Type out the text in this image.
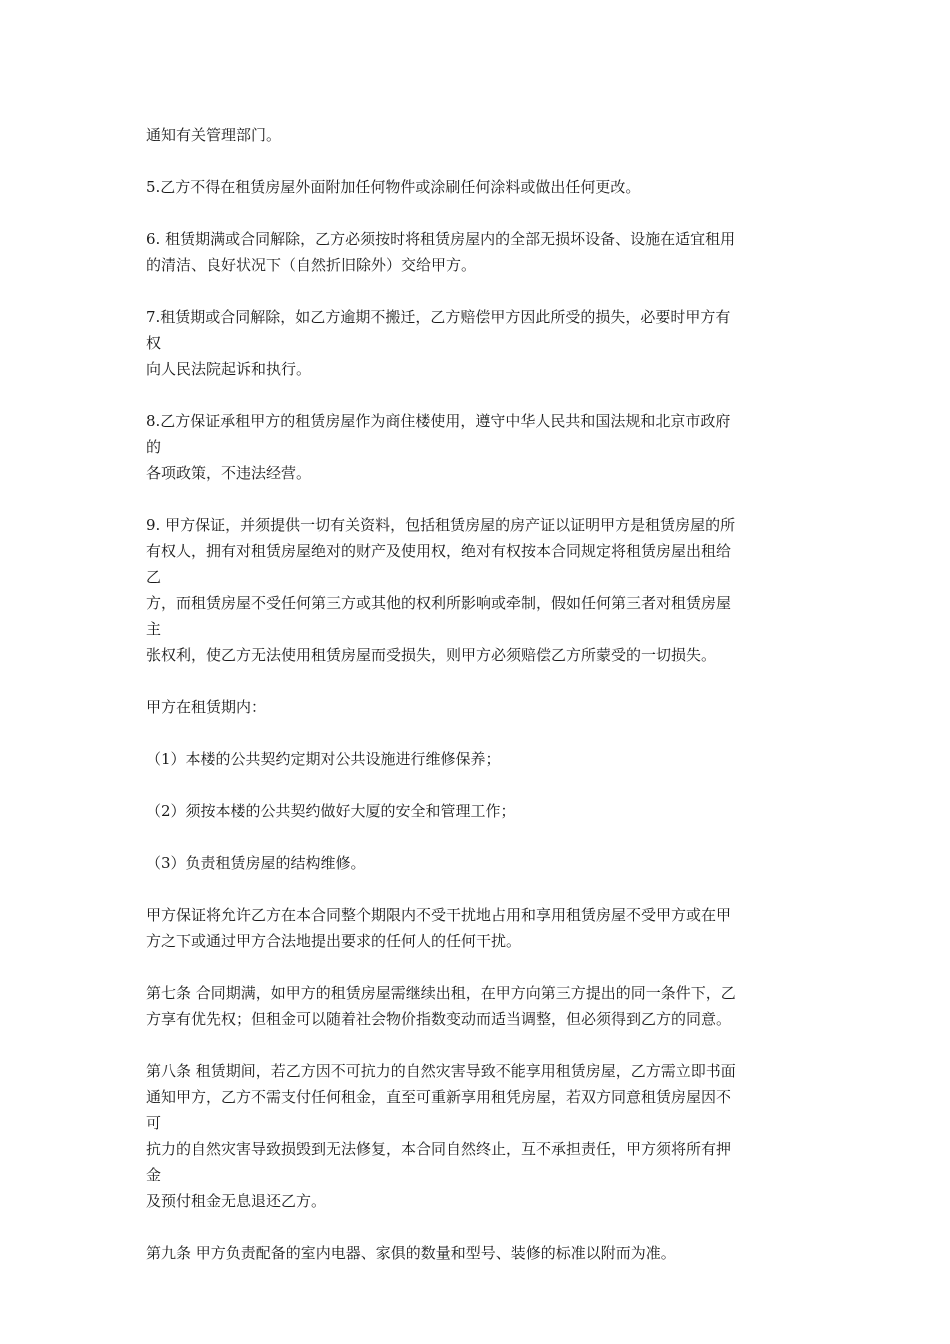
通知有关管理部门。
5.乙方不得在租赁房屋外面附加任何物件或涂刷任何涂料或做出任何更改。
6. 租赁期满或合同解除，乙方必须按时将租赁房屋内的全部无损坏设备、设施在适宜租用
的清洁、良好状况下（自然折旧除外）交给甲方。
7.租赁期或合同解除，如乙方逾期不搬迁，乙方赔偿甲方因此所受的损失，必要时甲方有
权
向人民法院起诉和执行。
8.乙方保证承租甲方的租赁房屋作为商住楼使用，遵守中华人民共和国法规和北京市政府
的
各项政策，不违法经营。
9. 甲方保证，并须提供一切有关资料，包括租赁房屋的房产证以证明甲方是租赁房屋的所
有权人，拥有对租赁房屋绝对的财产及使用权，绝对有权按本合同规定将租赁房屋出租给
乙
方，而租赁房屋不受任何第三方或其他的权利所影响或牵制，假如任何第三者对租赁房屋
主
张权利，使乙方无法使用租赁房屋而受损失，则甲方必须赔偿乙方所蒙受的一切损失。
甲方在租赁期内：
（1）本楼的公共契约定期对公共设施进行维修保养；
（2）须按本楼的公共契约做好大厦的安全和管理工作；
（3）负责租赁房屋的结构维修。
甲方保证将允许乙方在本合同整个期限内不受干扰地占用和享用租赁房屋不受甲方或在甲
方之下或通过甲方合法地提出要求的任何人的任何干扰。
第七条 合同期满，如甲方的租赁房屋需继续出租，在甲方向第三方提出的同一条件下，乙
方享有优先权；但租金可以随着社会物价指数变动而适当调整，但必须得到乙方的同意。
第八条 租赁期间，若乙方因不可抗力的自然灾害导致不能享用租赁房屋，乙方需立即书面
通知甲方，乙方不需支付任何租金，直至可重新享用租凭房屋，若双方同意租赁房屋因不
可
抗力的自然灾害导致损毁到无法修复，本合同自然终止，互不承担责任，甲方须将所有押
金
及预付租金无息退还乙方。
第九条 甲方负责配备的室内电器、家俱的数量和型号、装修的标准以附而为准。
